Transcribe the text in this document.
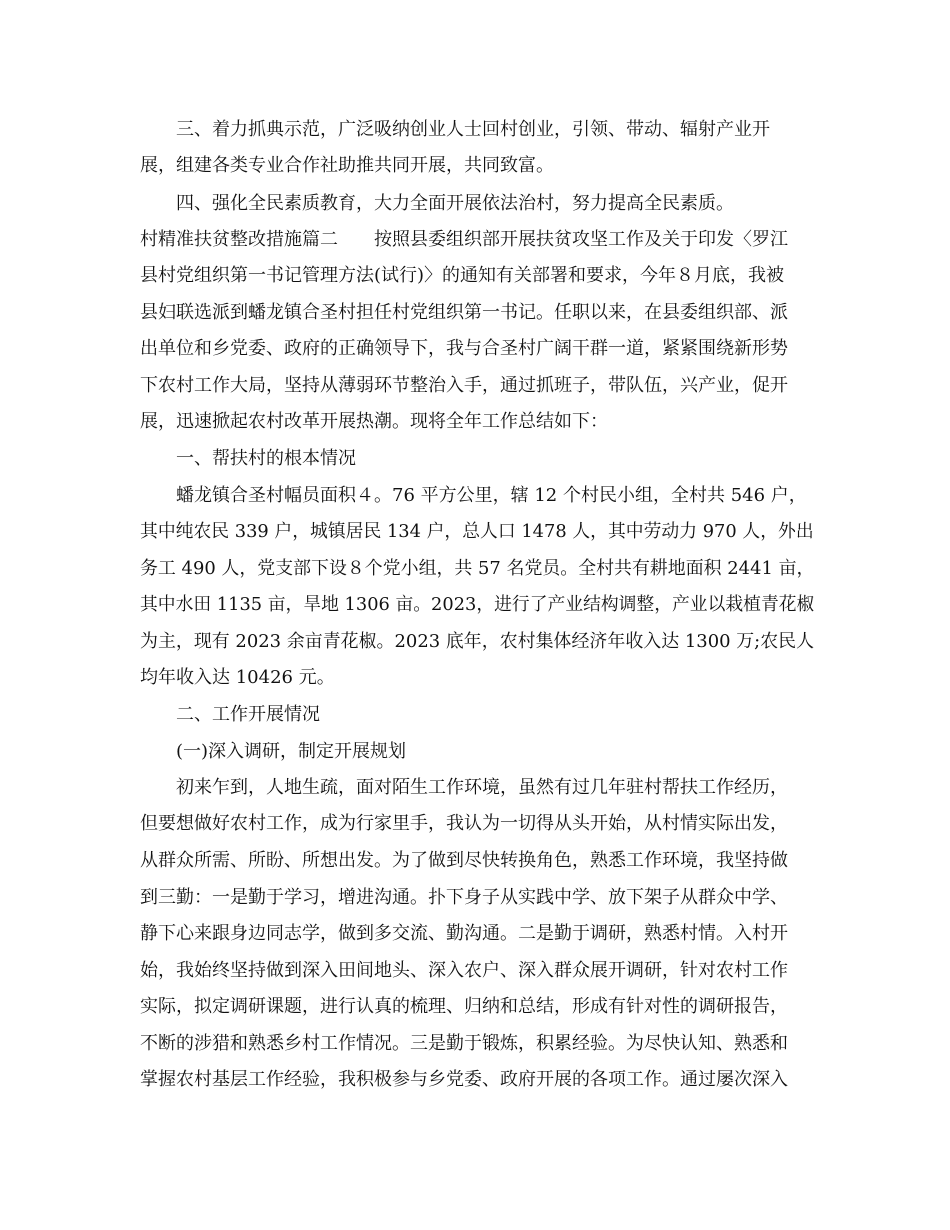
三、着力抓典示范，广泛吸纳创业人士回村创业，引领、带动、辐射产业开

展，组建各类专业合作社助推共同开展，共同致富。

四、强化全民素质教育，大力全面开展依法治村，努力提高全民素质。

村精准扶贫整改措施篇二　　按照县委组织部开展扶贫攻坚工作及关于印发〈罗江

县村党组织第一书记管理方法(试行)〉的通知有关部署和要求，今年８月底，我被

县妇联选派到蟠龙镇合圣村担任村党组织第一书记。任职以来，在县委组织部、派

出单位和乡党委、政府的正确领导下，我与合圣村广阔干群一道，紧紧围绕新形势

下农村工作大局，坚持从薄弱环节整治入手，通过抓班子，带队伍，兴产业，促开

展，迅速掀起农村改革开展热潮。现将全年工作总结如下：

一、帮扶村的根本情况

蟠龙镇合圣村幅员面积４。76 平方公里，辖 12 个村民小组，全村共 546 户，

其中纯农民 339 户，城镇居民 134 户，总人口 1478 人，其中劳动力 970 人，外出

务工 490 人，党支部下设８个党小组，共 57 名党员。全村共有耕地面积 2441 亩，

其中水田 1135 亩，旱地 1306 亩。2023，进行了产业结构调整，产业以栽植青花椒

为主，现有 2023 余亩青花椒。2023 底年，农村集体经济年收入达 1300 万;农民人

均年收入达 10426 元。

二、工作开展情况

(一)深入调研，制定开展规划

初来乍到，人地生疏，面对陌生工作环境，虽然有过几年驻村帮扶工作经历，

但要想做好农村工作，成为行家里手，我认为一切得从头开始，从村情实际出发，

从群众所需、所盼、所想出发。为了做到尽快转换角色，熟悉工作环境，我坚持做

到三勤：一是勤于学习，增进沟通。扑下身子从实践中学、放下架子从群众中学、

静下心来跟身边同志学，做到多交流、勤沟通。二是勤于调研，熟悉村情。入村开

始，我始终坚持做到深入田间地头、深入农户、深入群众展开调研，针对农村工作

实际，拟定调研课题，进行认真的梳理、归纳和总结，形成有针对性的调研报告，

不断的涉猎和熟悉乡村工作情况。三是勤于锻炼，积累经验。为尽快认知、熟悉和

掌握农村基层工作经验，我积极参与乡党委、政府开展的各项工作。通过屡次深入
